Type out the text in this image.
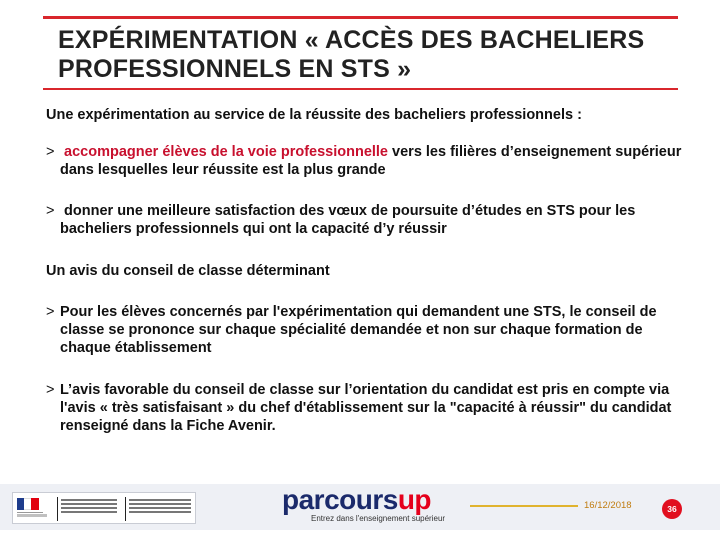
EXPÉRIMENTATION « ACCÈS DES BACHELIERS PROFESSIONNELS EN STS »

Une expérimentation au service de la réussite des bacheliers professionnels :

> accompagner élèves de la voie professionnelle vers les filières d’enseignement supérieur dans lesquelles leur réussite est la plus grande
> donner une meilleure satisfaction des vœux de poursuite d’études en STS pour les bacheliers professionnels qui ont la capacité d’y réussir

Un avis du conseil de classe déterminant

> Pour les élèves concernés par l'expérimentation qui demandent une STS, le conseil de classe se prononce sur chaque spécialité demandée et non sur chaque formation de chaque établissement
> L’avis favorable du conseil de classe sur l’orientation du candidat est pris en compte via l'avis « très satisfaisant » du chef d'établissement sur la "capacité à réussir" du candidat renseigné dans la Fiche Avenir.
parcoursup
Entrez dans l'enseignement supérieur
16/12/2018	36
